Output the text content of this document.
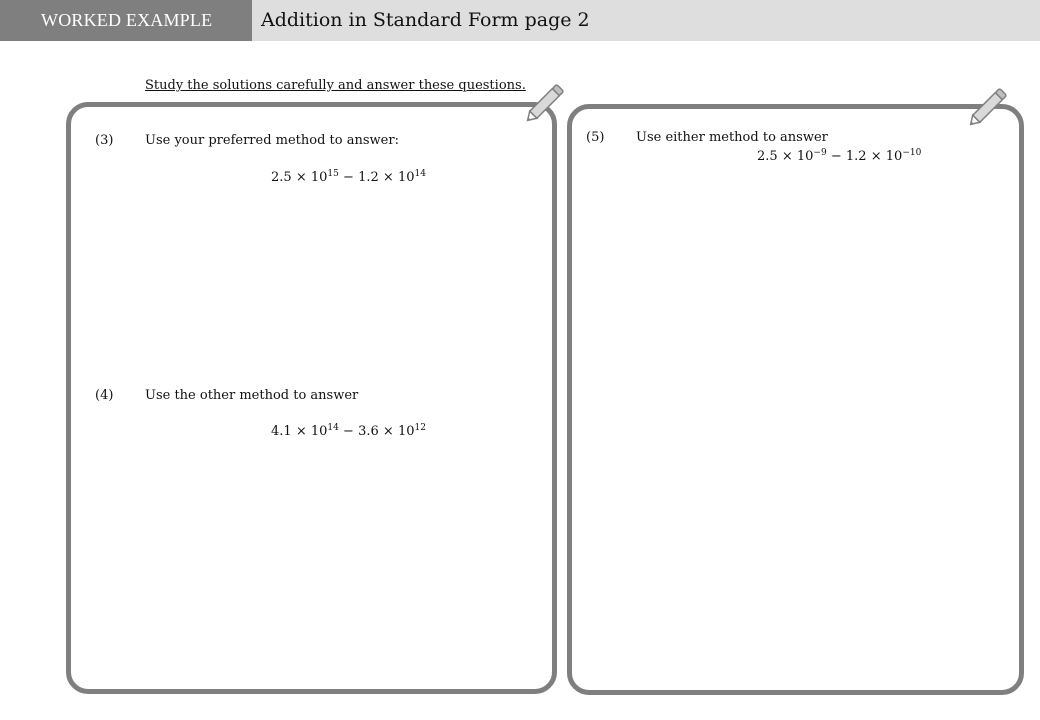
WORKED EXAMPLE	Addition in Standard Form page 2
Study the solutions carefully and answer these questions.
(3) Use your preferred method to answer:
$2.5 \times 10^{15} - 1.2 \times 10^{14}$
(4) Use the other method to answer
$4.1 \times 10^{14} - 3.6 \times 10^{12}$
(5) Use either method to answer
$2.5 \times 10^{-9} - 1.2 \times 10^{-10}$
